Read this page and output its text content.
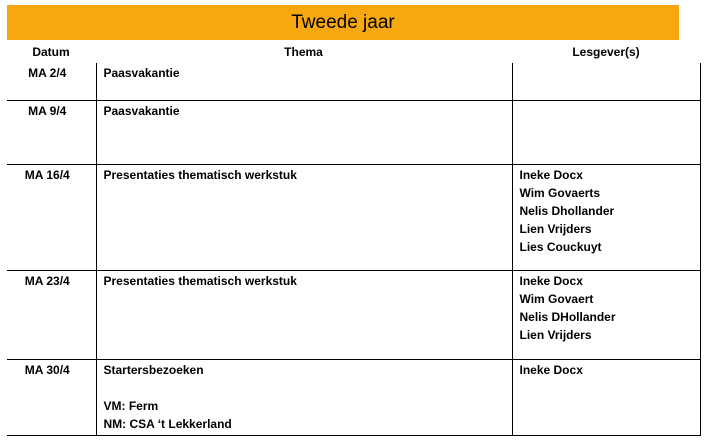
Tweede jaar
Datum	Thema	Lesgever(s)
MA 2/4	Paasvakantie	

MA 9/4	Paasvakantie	

MA 16/4	Presentaties thematisch werkstuk	Ineke Docx
Wim Govaerts
Nelis Dhollander
Lien Vrijders
Lies Couckuyt

MA 23/4	Presentaties thematisch werkstuk	Ineke Docx
Wim Govaert
Nelis DHollander
Lien Vrijders

MA 30/4	Startersbezoeken
VM: Ferm
NM: CSA ‘t Lekkerland	Ineke Docx
